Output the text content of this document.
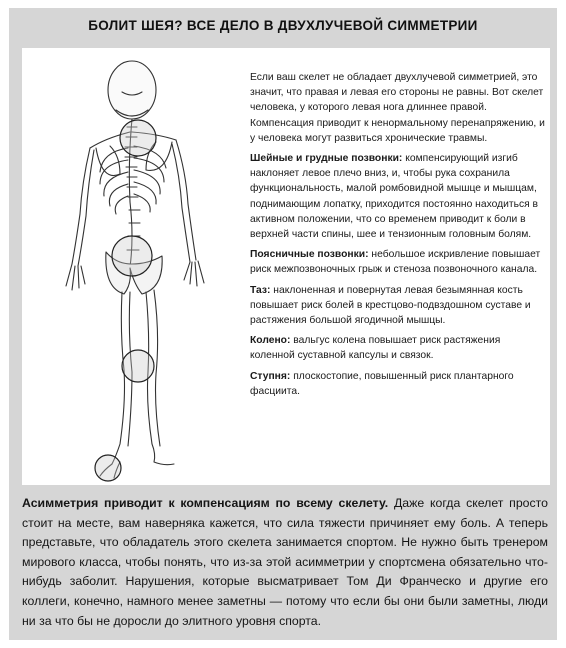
БОЛИТ ШЕЯ? ВСЕ ДЕЛО В ДВУХЛУЧЕВОЙ СИММЕТРИИ

Если ваш скелет не обладает двухлучевой симметрией, это значит, что правая и левая его стороны не равны. Вот скелет человека, у которого левая нога длиннее правой. Компенсация приводит к ненормальному перенапряжению, и у человека могут развиться хронические травмы.

Шейные и грудные позвонки: компенсирующий изгиб наклоняет левое плечо вниз, и, чтобы рука сохранила функциональность, малой ромбовидной мышце и мышцам, поднимающим лопатку, приходится постоянно находиться в активном положении, что со временем приводит к боли в верхней части спины, шее и тензионным головным болям.

Поясничные позвонки: небольшое искривление повышает риск межпозвоночных грыж и стеноза позвоночного канала.

Таз: наклоненная и повернутая левая безымянная кость повышает риск болей в крестцово-подвздошном суставе и растяжения большой ягодичной мышцы.

Колено: вальгус колена повышает риск растяжения коленной суставной капсулы и связок.

Ступня: плоскостопие, повышенный риск плантарного фасциита.

Асимметрия приводит к компенсациям по всему скелету. Даже когда скелет просто стоит на месте, вам наверняка кажется, что сила тяжести причиняет ему боль. А теперь представьте, что обладатель этого скелета занимается спортом. Не нужно быть тренером мирового класса, чтобы понять, что из-за этой асимметрии у спортсмена обязательно что-нибудь заболит. Нарушения, которые высматривает Том Ди Франческо и другие его коллеги, конечно, намного менее заметны — потому что если бы они были заметны, люди ни за что бы не доросли до элитного уровня спорта.
